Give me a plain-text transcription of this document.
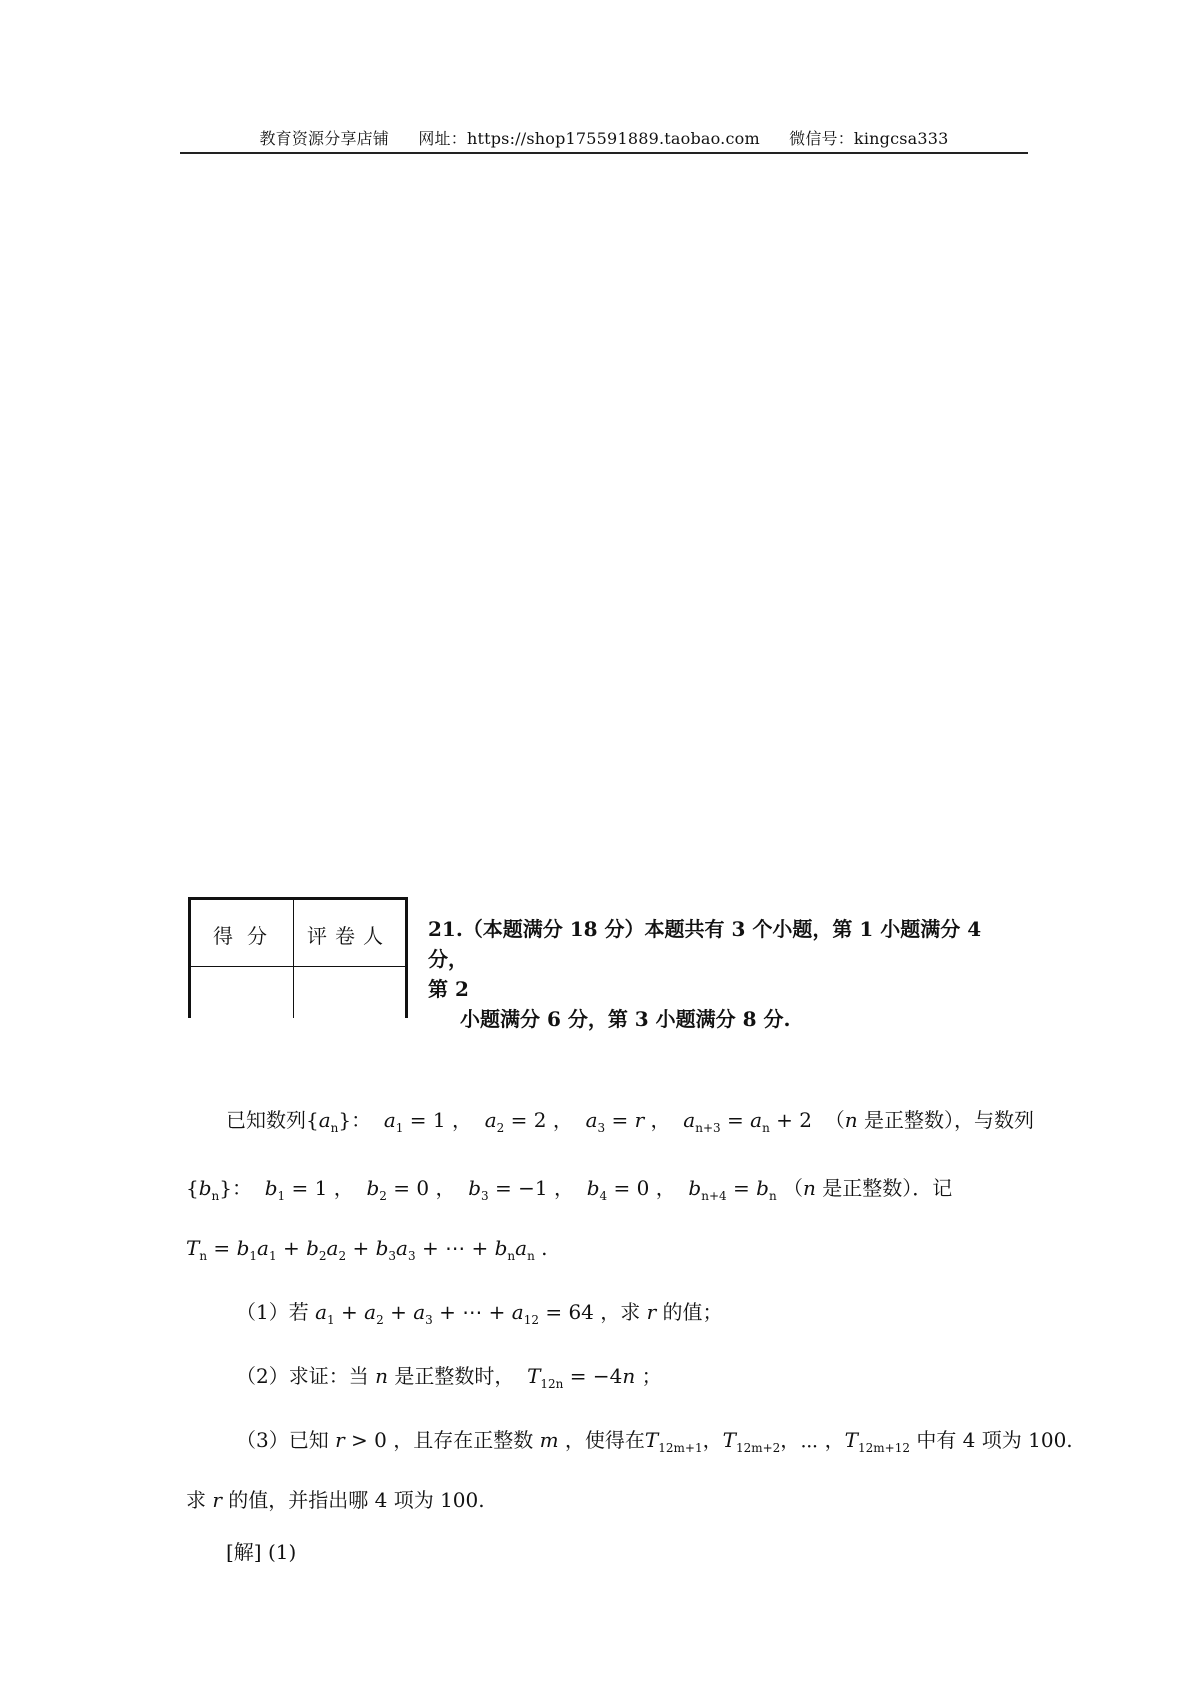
教育资源分享店铺 网址：https://shop175591889.taobao.com 微信号：kingcsa333
得分 评卷人 21.（本题满分 18 分）本题共有 3 个小题，第 1 小题满分 4 分，
第 2
小题满分 6 分，第 3 小题满分 8 分.
已知数列$\{a_n\}$：  $a_1 = 1$ ，  $a_2 = 2$ ，  $a_3 = r$ ，  $a_{n+3} = a_n + 2$  （n 是正整数），与数列
$\{b_n\}$：  $b_1 = 1$ ，  $b_2 = 0$ ，  $b_3 = -1$ ，  $b_4 = 0$ ，  $b_{n+4} = b_n$ （n 是正整数）．记
$T_n = b_1a_1 + b_2a_2 + b_3a_3$ + ⋯ + $b_na_n$ .
（1）若 $a_1 + a_2 + a_3$ + ⋯ + $a_{12} = 64$ ，求 r 的值；
（2）求证：当 n 是正整数时， $T_{12n} = -4n$ ；
（3）已知 r > 0 ，且存在正整数 m ，使得在$T_{12m+1}$，$T_{12m+2}$，⋯ ，$T_{12m+12}$ 中有 4 项为 100.
求 r 的值，并指出哪 4 项为 100.
[解] (1)
